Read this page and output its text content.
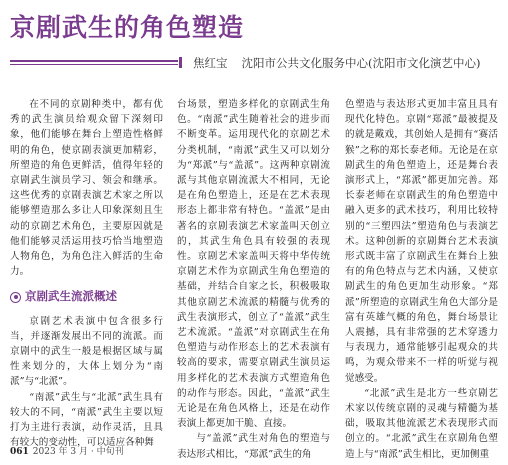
京剧武生的角色塑造
焦红宝 沈阳市公共文化服务中心(沈阳市文化演艺中心)

在不同的京剧种类中，都有优秀的武生演员给观众留下深刻印象，他们能够在舞台上塑造性格鲜明的角色，使京剧表演更加精彩，所塑造的角色更鲜活，值得年轻的京剧武生演员学习、领会和继承。这些优秀的京剧表演艺术家之所以能够塑造那么多让人印象深刻且生动的京剧艺术角色，主要原因就是他们能够灵活运用技巧恰当地塑造人物角色，为角色注入鲜活的生命力。

京剧武生流派概述

京剧艺术表演中包含很多行当，并逐渐发展出不同的流派。而京剧中的武生一般是根据区域与属性来划分的，大体上划分为“南派”与“北派”。

“南派”武生与“北派”武生具有较大的不同，“南派”武生主要以短打为主进行表演，动作灵活，且具有较大的变动性，可以适应各种舞

台场景，塑造多样化的京剧武生角色。“南派”武生随着社会的进步而不断变革。运用现代化的京剧艺术分类机制，“南派”武生又可以划分为“郑派”与“盖派”。这两种京剧流派与其他京剧流派大不相同，无论是在角色塑造上，还是在艺术表现形态上都非常有特色。“盖派”是由著名的京剧表演艺术家盖叫天创立的，其武生角色具有较强的表现性。京剧艺术家盖叫天将中华传统京剧艺术作为京剧武生角色塑造的基础，并结合自家之长，积极吸取其他京剧艺术流派的精髓与优秀的武生表演形式，创立了“盖派”武生艺术流派。“盖派”对京剧武生在角色塑造与动作形态上的艺术表演有较高的要求，需要京剧武生演员运用多样化的艺术表演方式塑造角色的动作与形态。因此，“盖派”武生无论是在角色风格上，还是在动作表演上都更加干脆、直接。

与“盖派”武生对角色的塑造与表达形式相比，“郑派”武生的角

色塑造与表达形式更加丰富且具有现代化特色。京剧“郑派”最被提及的就是戴戏，其创始人是拥有“赛活猴”之称的郑长泰老师。无论是在京剧武生的角色塑造上，还是舞台表演形式上，“郑派”都更加完善。郑长泰老师在京剧武生的角色塑造中融入更多的武术技巧，利用比较特别的“三塑四法”塑造角色与表演艺术。这种创新的京剧舞台艺术表演形式既丰富了京剧武生在舞台上独有的角色特点与艺术内涵，又使京剧武生的角色更加生动形象。“郑派”所塑造的京剧武生角色大部分是富有英雄气概的角色，舞台场景让人震撼，具有非常强的艺术穿透力与表现力，通常能够引起观众的共鸣，为观众带来不一样的听觉与视觉感受。

“北派”武生是北方一些京剧艺术家以传统京剧的灵魂与精髓为基础，吸取其他流派艺术表现形式而创立的。“北派”武生在京剧角色塑造上与“南派”武生相比，更加侧重

061 2023 年 3 月 · 中旬刊
